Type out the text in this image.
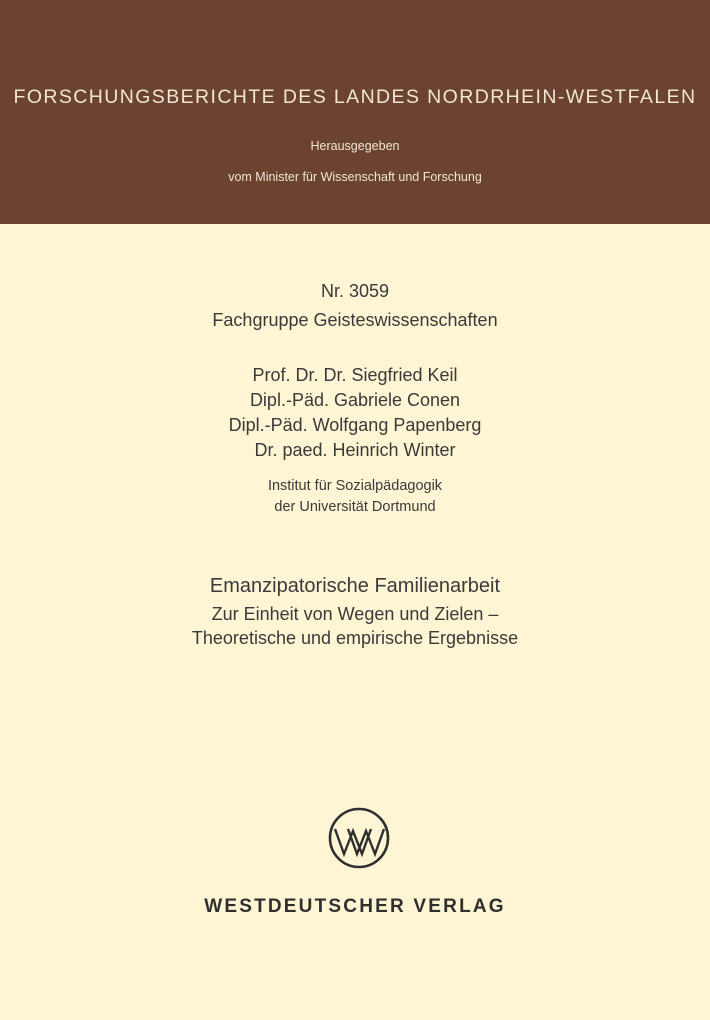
FORSCHUNGSBERICHTE DES LANDES NORDRHEIN-WESTFALEN
Herausgegeben
vom Minister für Wissenschaft und Forschung
Nr. 3059
Fachgruppe Geisteswissenschaften
Prof. Dr. Dr. Siegfried Keil
Dipl.-Päd. Gabriele Conen
Dipl.-Päd. Wolfgang Papenberg
Dr. paed. Heinrich Winter
Institut für Sozialpädagogik
der Universität Dortmund
Emanzipatorische Familienarbeit
Zur Einheit von Wegen und Zielen –
Theoretische und empirische Ergebnisse
WESTDEUTSCHER VERLAG
